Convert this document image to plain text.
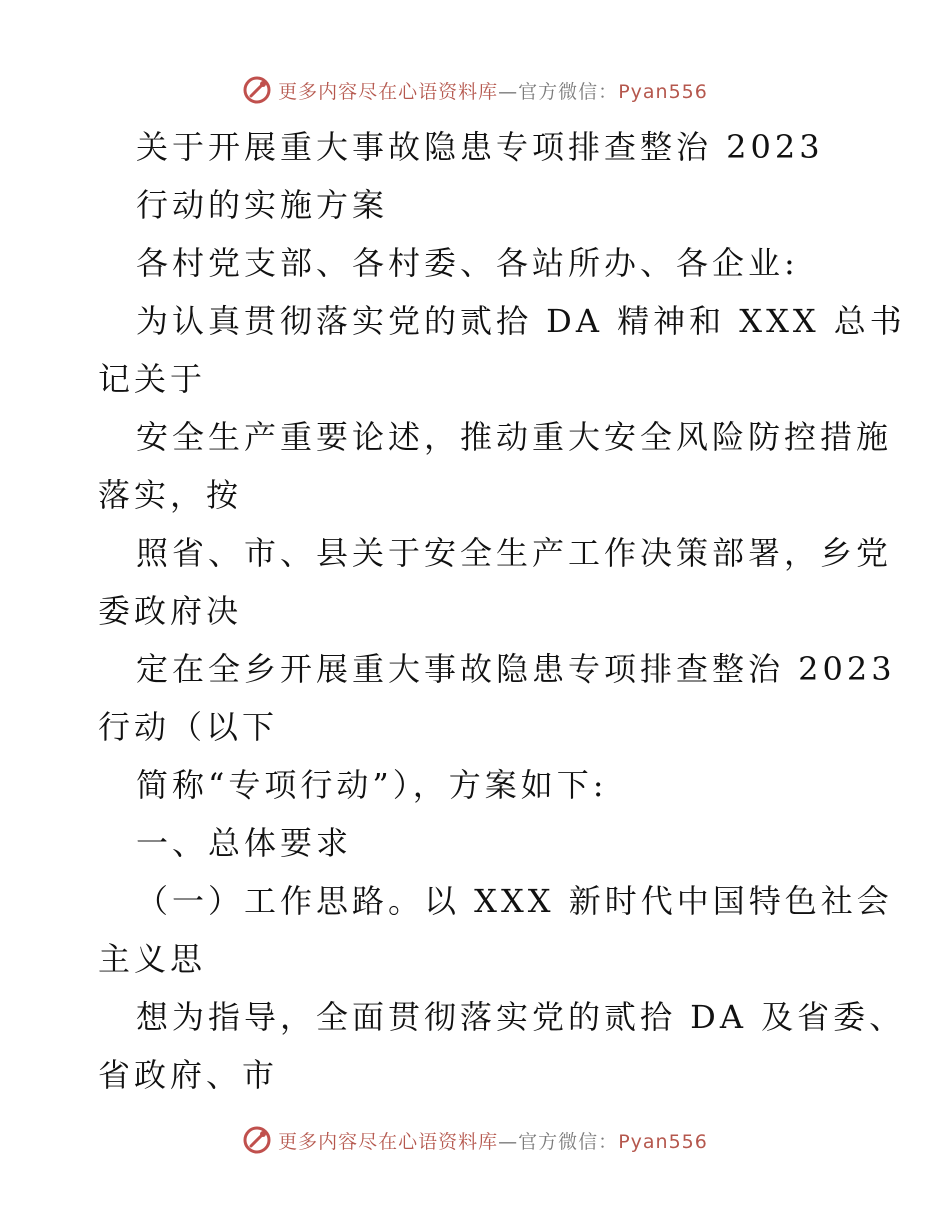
更多内容尽在心语资料库—官方微信：Pyan556
关于开展重大事故隐患专项排查整治 2023
行动的实施方案
各村党支部、各村委、各站所办、各企业:
为认真贯彻落实党的贰拾 DA 精神和 XXX 总书
记关于
安全生产重要论述，推动重大安全风险防控措施
落实，按
照省、市、县关于安全生产工作决策部署，乡党
委政府决
定在全乡开展重大事故隐患专项排查整治 2023
行动（以下
简称“专项行动”），方案如下:
一、总体要求
（一）工作思路。以 XXX 新时代中国特色社会
主义思
想为指导，全面贯彻落实党的贰拾 DA 及省委、
省政府、市
更多内容尽在心语资料库—官方微信：Pyan556
